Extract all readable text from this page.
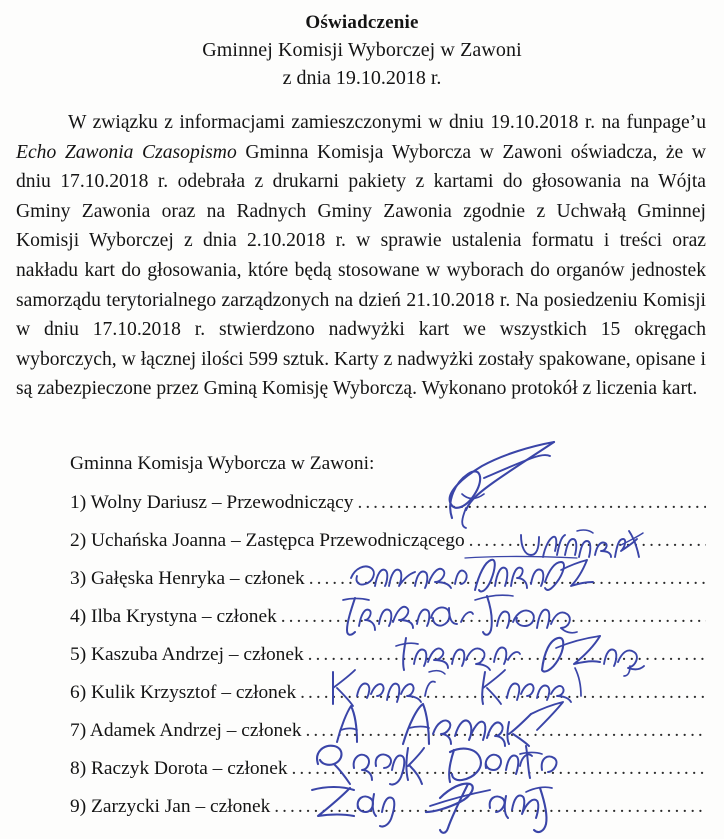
Oświadczenie
Gminnej Komisji Wyborczej w Zawoni
z dnia 19.10.2018 r.

W związku z informacjami zamieszczonymi w dniu 19.10.2018 r. na funpage’u Echo Zawonia Czasopismo Gminna Komisja Wyborcza w Zawoni oświadcza, że w dniu 17.10.2018 r. odebrała z drukarni pakiety z kartami do głosowania na Wójta Gminy Zawonia oraz na Radnych Gminy Zawonia zgodnie z Uchwałą Gminnej Komisji Wyborczej z dnia 2.10.2018 r. w sprawie ustalenia formatu i treści oraz nakładu kart do głosowania, które będą stosowane w wyborach do organów jednostek samorządu terytorialnego zarządzonych na dzień 21.10.2018 r. Na posiedzeniu Komisji w dniu 17.10.2018 r. stwierdzono nadwyżki kart we wszystkich 15 okręgach wyborczych, w łącznej ilości 599 sztuk. Karty z nadwyżki zostały spakowane, opisane i są zabezpieczone przez Gminą Komisję Wyborczą. Wykonano protokół z liczenia kart.

Gminna Komisja Wyborcza w Zawoni:
1) Wolny Dariusz – Przewodniczący
.....
2) Uchańska Joanna – Zastępca Przewodniczącego
.....
3) Gałęska Henryka – członek
.....
4) Ilba Krystyna – członek
.....
5) Kaszuba Andrzej – członek
.....
6) Kulik Krzysztof – członek
.....
7) Adamek Andrzej – członek
.....
8) Raczyk Dorota – członek
.....
9) Zarzycki Jan – członek
.....
